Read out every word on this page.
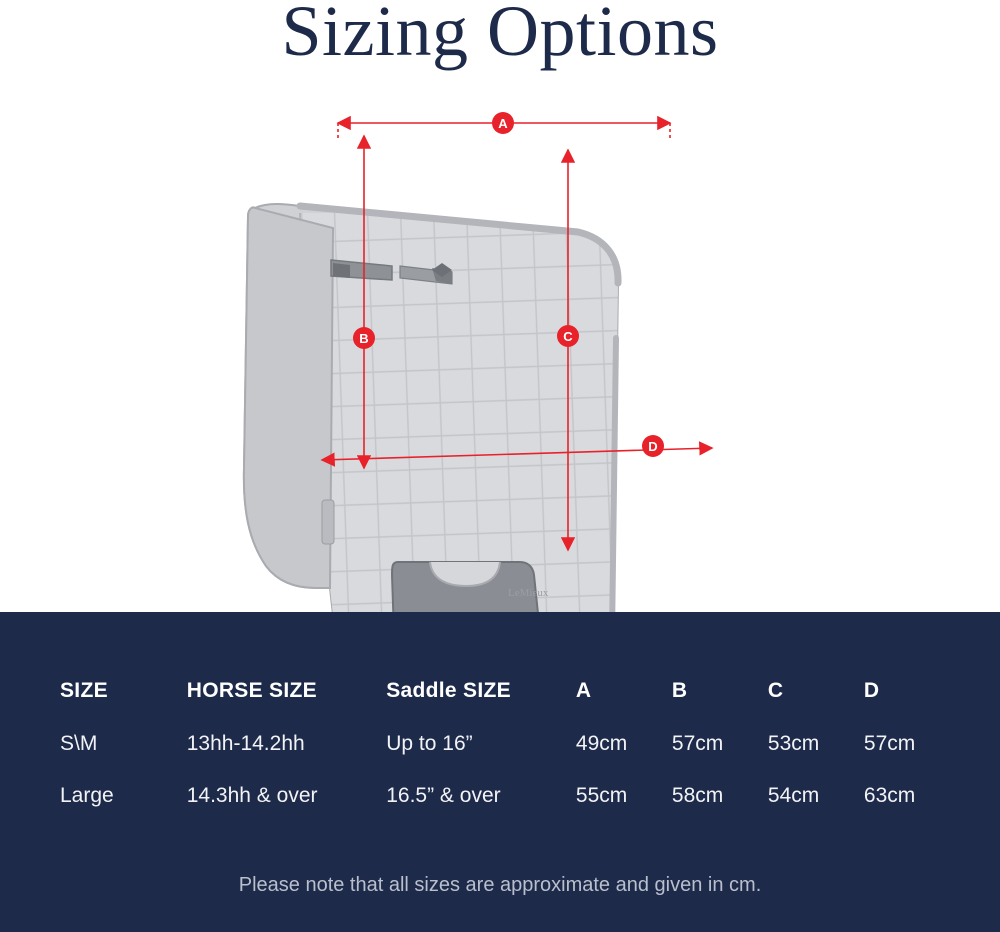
Sizing Options
LeMieux
A
B	C
D
SIZE	HORSE SIZE	Saddle SIZE	A	B	C	D
S\M	13hh-14.2hh	Up to 16”	49cm	57cm	53cm	57cm
Large	14.3hh & over	16.5” & over	55cm	58cm	54cm	63cm
Please note that all sizes are approximate and given in cm.
